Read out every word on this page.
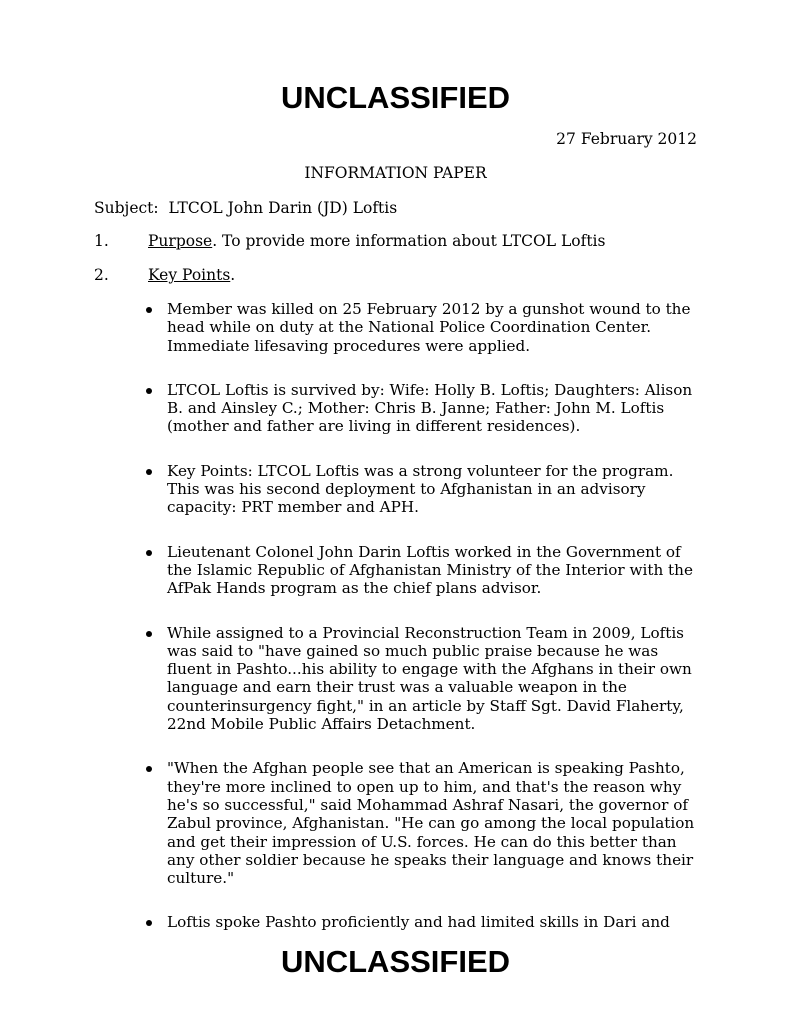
UNCLASSIFIED
27 February 2012
INFORMATION PAPER
Subject: LTCOL John Darin (JD) Loftis
1.	Purpose. To provide more information about LTCOL Loftis
2.	Key Points.
Member was killed on 25 February 2012 by a gunshot wound to the head while on duty at the National Police Coordination Center. Immediate lifesaving procedures were applied.
LTCOL Loftis is survived by: Wife: Holly B. Loftis; Daughters: Alison B. and Ainsley C.; Mother: Chris B. Janne; Father: John M. Loftis (mother and father are living in different residences).
Key Points: LTCOL Loftis was a strong volunteer for the program. This was his second deployment to Afghanistan in an advisory capacity: PRT member and APH.
Lieutenant Colonel John Darin Loftis worked in the Government of the Islamic Republic of Afghanistan Ministry of the Interior with the AfPak Hands program as the chief plans advisor.
While assigned to a Provincial Reconstruction Team in 2009, Loftis was said to "have gained so much public praise because he was fluent in Pashto...his ability to engage with the Afghans in their own language and earn their trust was a valuable weapon in the counterinsurgency fight," in an article by Staff Sgt. David Flaherty, 22nd Mobile Public Affairs Detachment.
"When the Afghan people see that an American is speaking Pashto, they're more inclined to open up to him, and that's the reason why he's so successful," said Mohammad Ashraf Nasari, the governor of Zabul province, Afghanistan. "He can go among the local population and get their impression of U.S. forces. He can do this better than any other soldier because he speaks their language and knows their culture."
Loftis spoke Pashto proficiently and had limited skills in Dari and
UNCLASSIFIED
